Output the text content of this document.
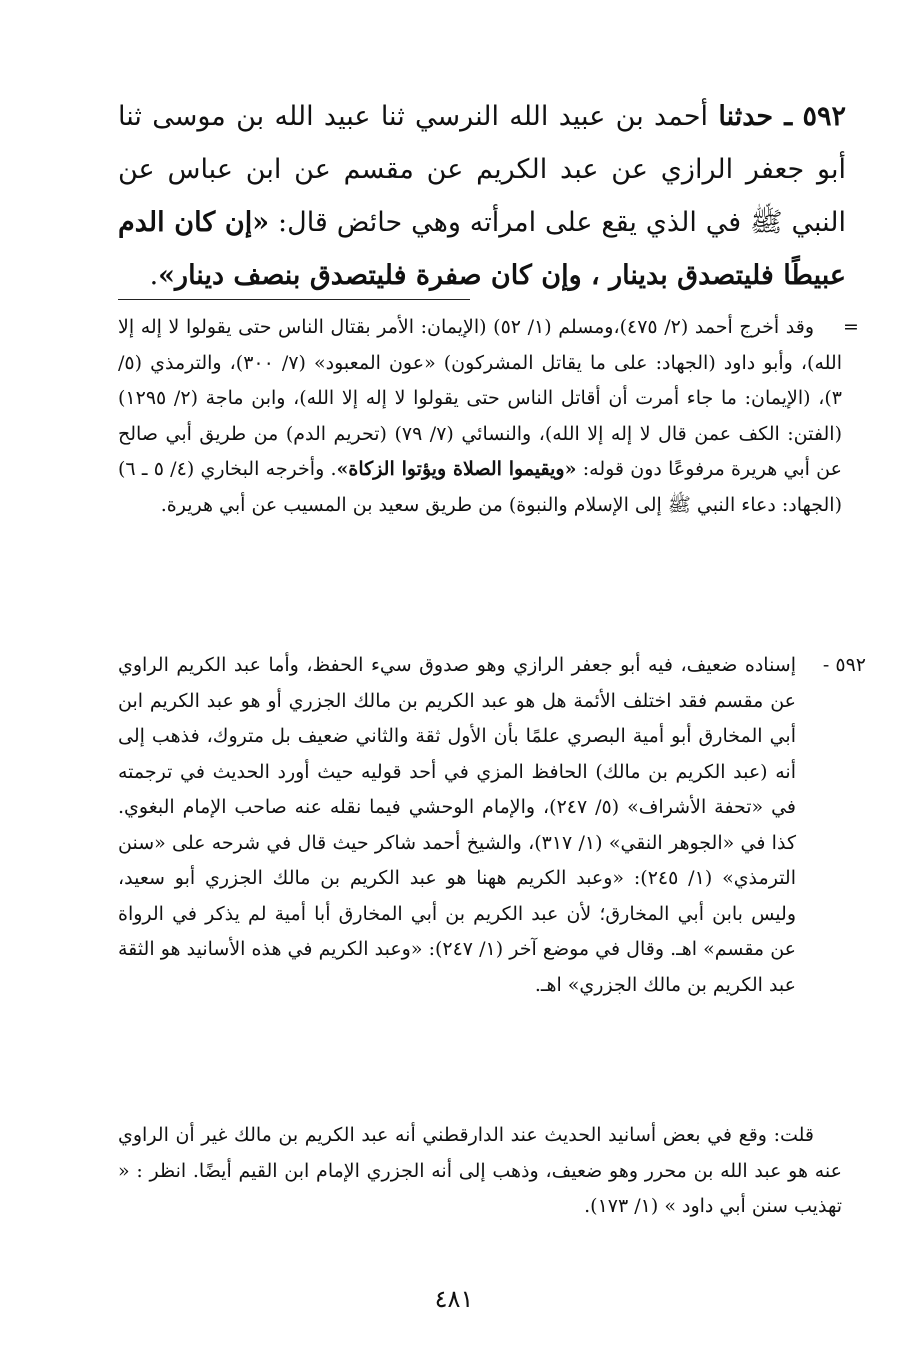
٥٩٢ ـ حدثنا أحمد بن عبيد الله النرسي ثنا عبيد الله بن موسى ثنا أبو جعفر الرازي عن عبد الكريم عن مقسم عن ابن عباس عن النبي ﷺ في الذي يقع على امرأته وهي حائض قال: «إن كان الدم عبيطًا فليتصدق بدينار ، وإن كان صفرة فليتصدق بنصف دينار».
=
وقد أخرج أحمد (٢/ ٤٧٥)،ومسلم (١/ ٥٢) (الإيمان: الأمر بقتال الناس حتى يقولوا لا إله إلا الله)، وأبو داود (الجهاد: على ما يقاتل المشركون) «عون المعبود» (٧/ ٣٠٠)، والترمذي (٥/ ٣)، (الإيمان: ما جاء أمرت أن أقاتل الناس حتى يقولوا لا إله إلا الله)، وابن ماجة (٢/ ١٢٩٥) (الفتن: الكف عمن قال لا إله إلا الله)، والنسائي (٧/ ٧٩) (تحريم الدم) من طريق أبي صالح عن أبي هريرة مرفوعًا دون قوله: «ويقيموا الصلاة ويؤتوا الزكاة». وأخرجه البخاري (٤/ ٥ ـ ٦) (الجهاد: دعاء النبي ﷺ إلى الإسلام والنبوة) من طريق سعيد بن المسيب عن أبي هريرة.
٥٩٢ -
إسناده ضعيف، فيه أبو جعفر الرازي وهو صدوق سيء الحفظ، وأما عبد الكريم الراوي عن مقسم فقد اختلف الأئمة هل هو عبد الكريم بن مالك الجزري أو هو عبد الكريم ابن أبي المخارق أبو أمية البصري علمًا بأن الأول ثقة والثاني ضعيف بل متروك، فذهب إلى أنه (عبد الكريم بن مالك) الحافظ المزي في أحد قوليه حيث أورد الحديث في ترجمته في «تحفة الأشراف» (٥/ ٢٤٧)، والإمام الوحشي فيما نقله عنه صاحب الإمام البغوي. كذا في «الجوهر النقي» (١/ ٣١٧)، والشيخ أحمد شاكر حيث قال في شرحه على «سنن الترمذي» (١/ ٢٤٥): «وعبد الكريم ههنا هو عبد الكريم بن مالك الجزري أبو سعيد، وليس بابن أبي المخارق؛ لأن عبد الكريم بن أبي المخارق أبا أمية لم يذكر في الرواة عن مقسم» اهـ. وقال في موضع آخر (١/ ٢٤٧): «وعبد الكريم في هذه الأسانيد هو الثقة عبد الكريم بن مالك الجزري» اهـ.
قلت: وقع في بعض أسانيد الحديث عند الدارقطني أنه عبد الكريم بن مالك غير أن الراوي عنه هو عبد الله بن محرر وهو ضعيف، وذهب إلى أنه الجزري الإمام ابن القيم أيضًا. انظر : « تهذيب سنن أبي داود » (١/ ١٧٣).
٤٨١
